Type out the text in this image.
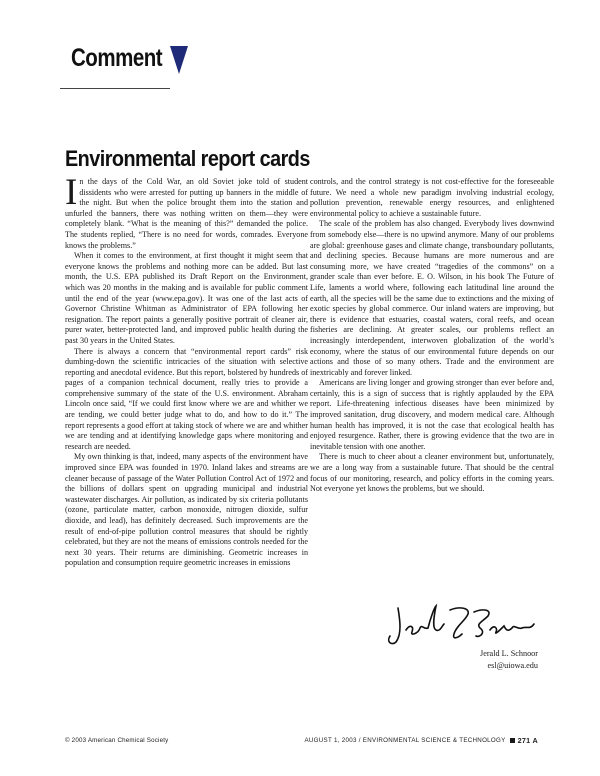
Comment
Environmental report cards

In the days of the Cold War, an old Soviet joke told of student dissidents who were arrested for putting up banners in the middle of the night. But when the police brought them into the station and unfurled the banners, there was nothing written on them—they were completely blank. “What is the meaning of this?” demanded the police. The students replied, “There is no need for words, comrades. Everyone knows the problems.”

When it comes to the environment, at first thought it might seem that everyone knows the problems and nothing more can be added. But last month, the U.S. EPA published its Draft Report on the Environment, which was 20 months in the making and is available for public comment until the end of the year (www.epa.gov). It was one of the last acts of Governor Christine Whitman as Administrator of EPA following her resignation. The report paints a generally positive portrait of cleaner air, purer water, better-protected land, and improved public health during the past 30 years in the United States.

There is always a concern that “environmental report cards” risk dumbing-down the scientific intricacies of the situation with selective reporting and anecdotal evidence. But this report, bolstered by hundreds of pages of a companion technical document, really tries to provide a comprehensive summary of the state of the U.S. environment. Abraham Lincoln once said, “If we could first know where we are and whither we are tending, we could better judge what to do, and how to do it.” The report represents a good effort at taking stock of where we are and whither we are tending and at identifying knowledge gaps where monitoring and research are needed.

My own thinking is that, indeed, many aspects of the environment have improved since EPA was founded in 1970. Inland lakes and streams are cleaner because of passage of the Water Pollution Control Act of 1972 and the billions of dollars spent on upgrading municipal and industrial wastewater discharges. Air pollution, as indicated by six criteria pollutants (ozone, particulate matter, carbon monoxide, nitrogen dioxide, sulfur dioxide, and lead), has definitely decreased. Such improvements are the result of end-of-pipe pollution control measures that should be rightly celebrated, but they are not the means of emissions controls needed for the next 30 years. Their returns are diminishing. Geometric increases in population and consumption require geometric increases in emissions

controls, and the control strategy is not cost-effective for the foreseeable future. We need a whole new paradigm involving industrial ecology, pollution prevention, renewable energy resources, and enlightened environmental policy to achieve a sustainable future.

The scale of the problem has also changed. Everybody lives downwind from somebody else—there is no upwind anymore. Many of our problems are global: greenhouse gases and climate change, transboundary pollutants, and declining species. Because humans are more numerous and are consuming more, we have created “tragedies of the commons” on a grander scale than ever before. E. O. Wilson, in his book The Future of Life, laments a world where, following each latitudinal line around the earth, all the species will be the same due to extinctions and the mixing of exotic species by global commerce. Our inland waters are improving, but there is evidence that estuaries, coastal waters, coral reefs, and ocean fisheries are declining. At greater scales, our problems reflect an increasingly interdependent, interwoven globalization of the world’s economy, where the status of our environmental future depends on our actions and those of so many others. Trade and the environment are inextricably and forever linked.

Americans are living longer and growing stronger than ever before and, certainly, this is a sign of success that is rightly applauded by the EPA report. Life-threatening infectious diseases have been minimized by improved sanitation, drug discovery, and modern medical care. Although human health has improved, it is not the case that ecological health has enjoyed resurgence. Rather, there is growing evidence that the two are in inevitable tension with one another.

There is much to cheer about a cleaner environment but, unfortunately, we are a long way from a sustainable future. That should be the central focus of our monitoring, research, and policy efforts in the coming years. Not everyone yet knows the problems, but we should.

Jerald L. Schnoor
esl@uiowa.edu
© 2003 American Chemical Society	AUGUST 1, 2003 / ENVIRONMENTAL SCIENCE & TECHNOLOGY 271 A
